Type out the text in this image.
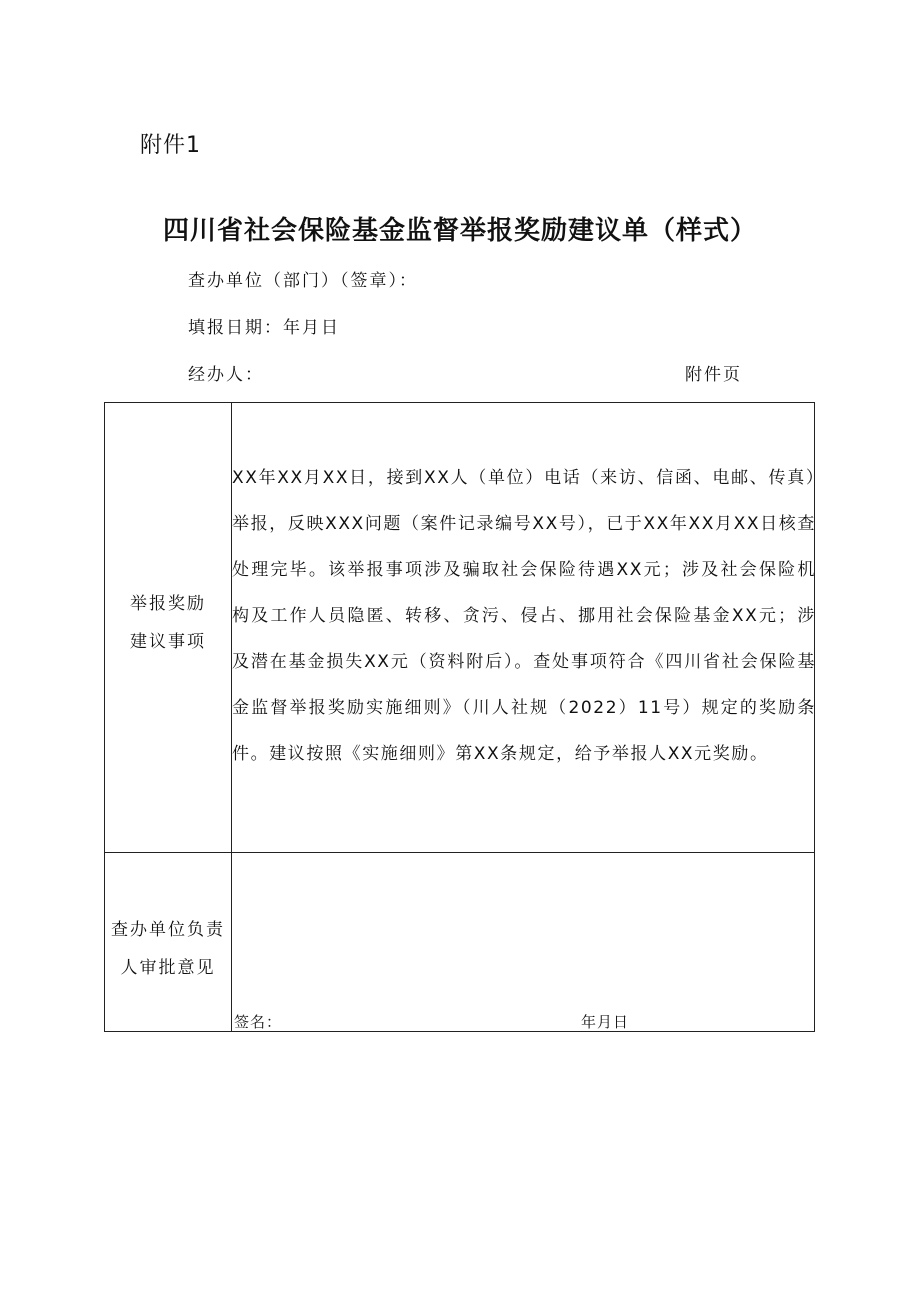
附件1
四川省社会保险基金监督举报奖励建议单（样式）
查办单位（部门）（签章）：
填报日期：年月日
经办人：	附件页
举报奖励
建议事项
XX年XX月XX日，接到XX人（单位）电话（来访、信函、电邮、传真）举报，反映XXX问题（案件记录编号XX号），已于XX年XX月XX日核查处理完毕。该举报事项涉及骗取社会保险待遇XX元；涉及社会保险机构及工作人员隐匿、转移、贪污、侵占、挪用社会保险基金XX元；涉及潜在基金损失XX元（资料附后）。查处事项符合《四川省社会保险基金监督举报奖励实施细则》（川人社规（2022）11号）规定的奖励条件。建议按照《实施细则》第XX条规定，给予举报人XX元奖励。
查办单位负责
人审批意见
签名：	年月日
